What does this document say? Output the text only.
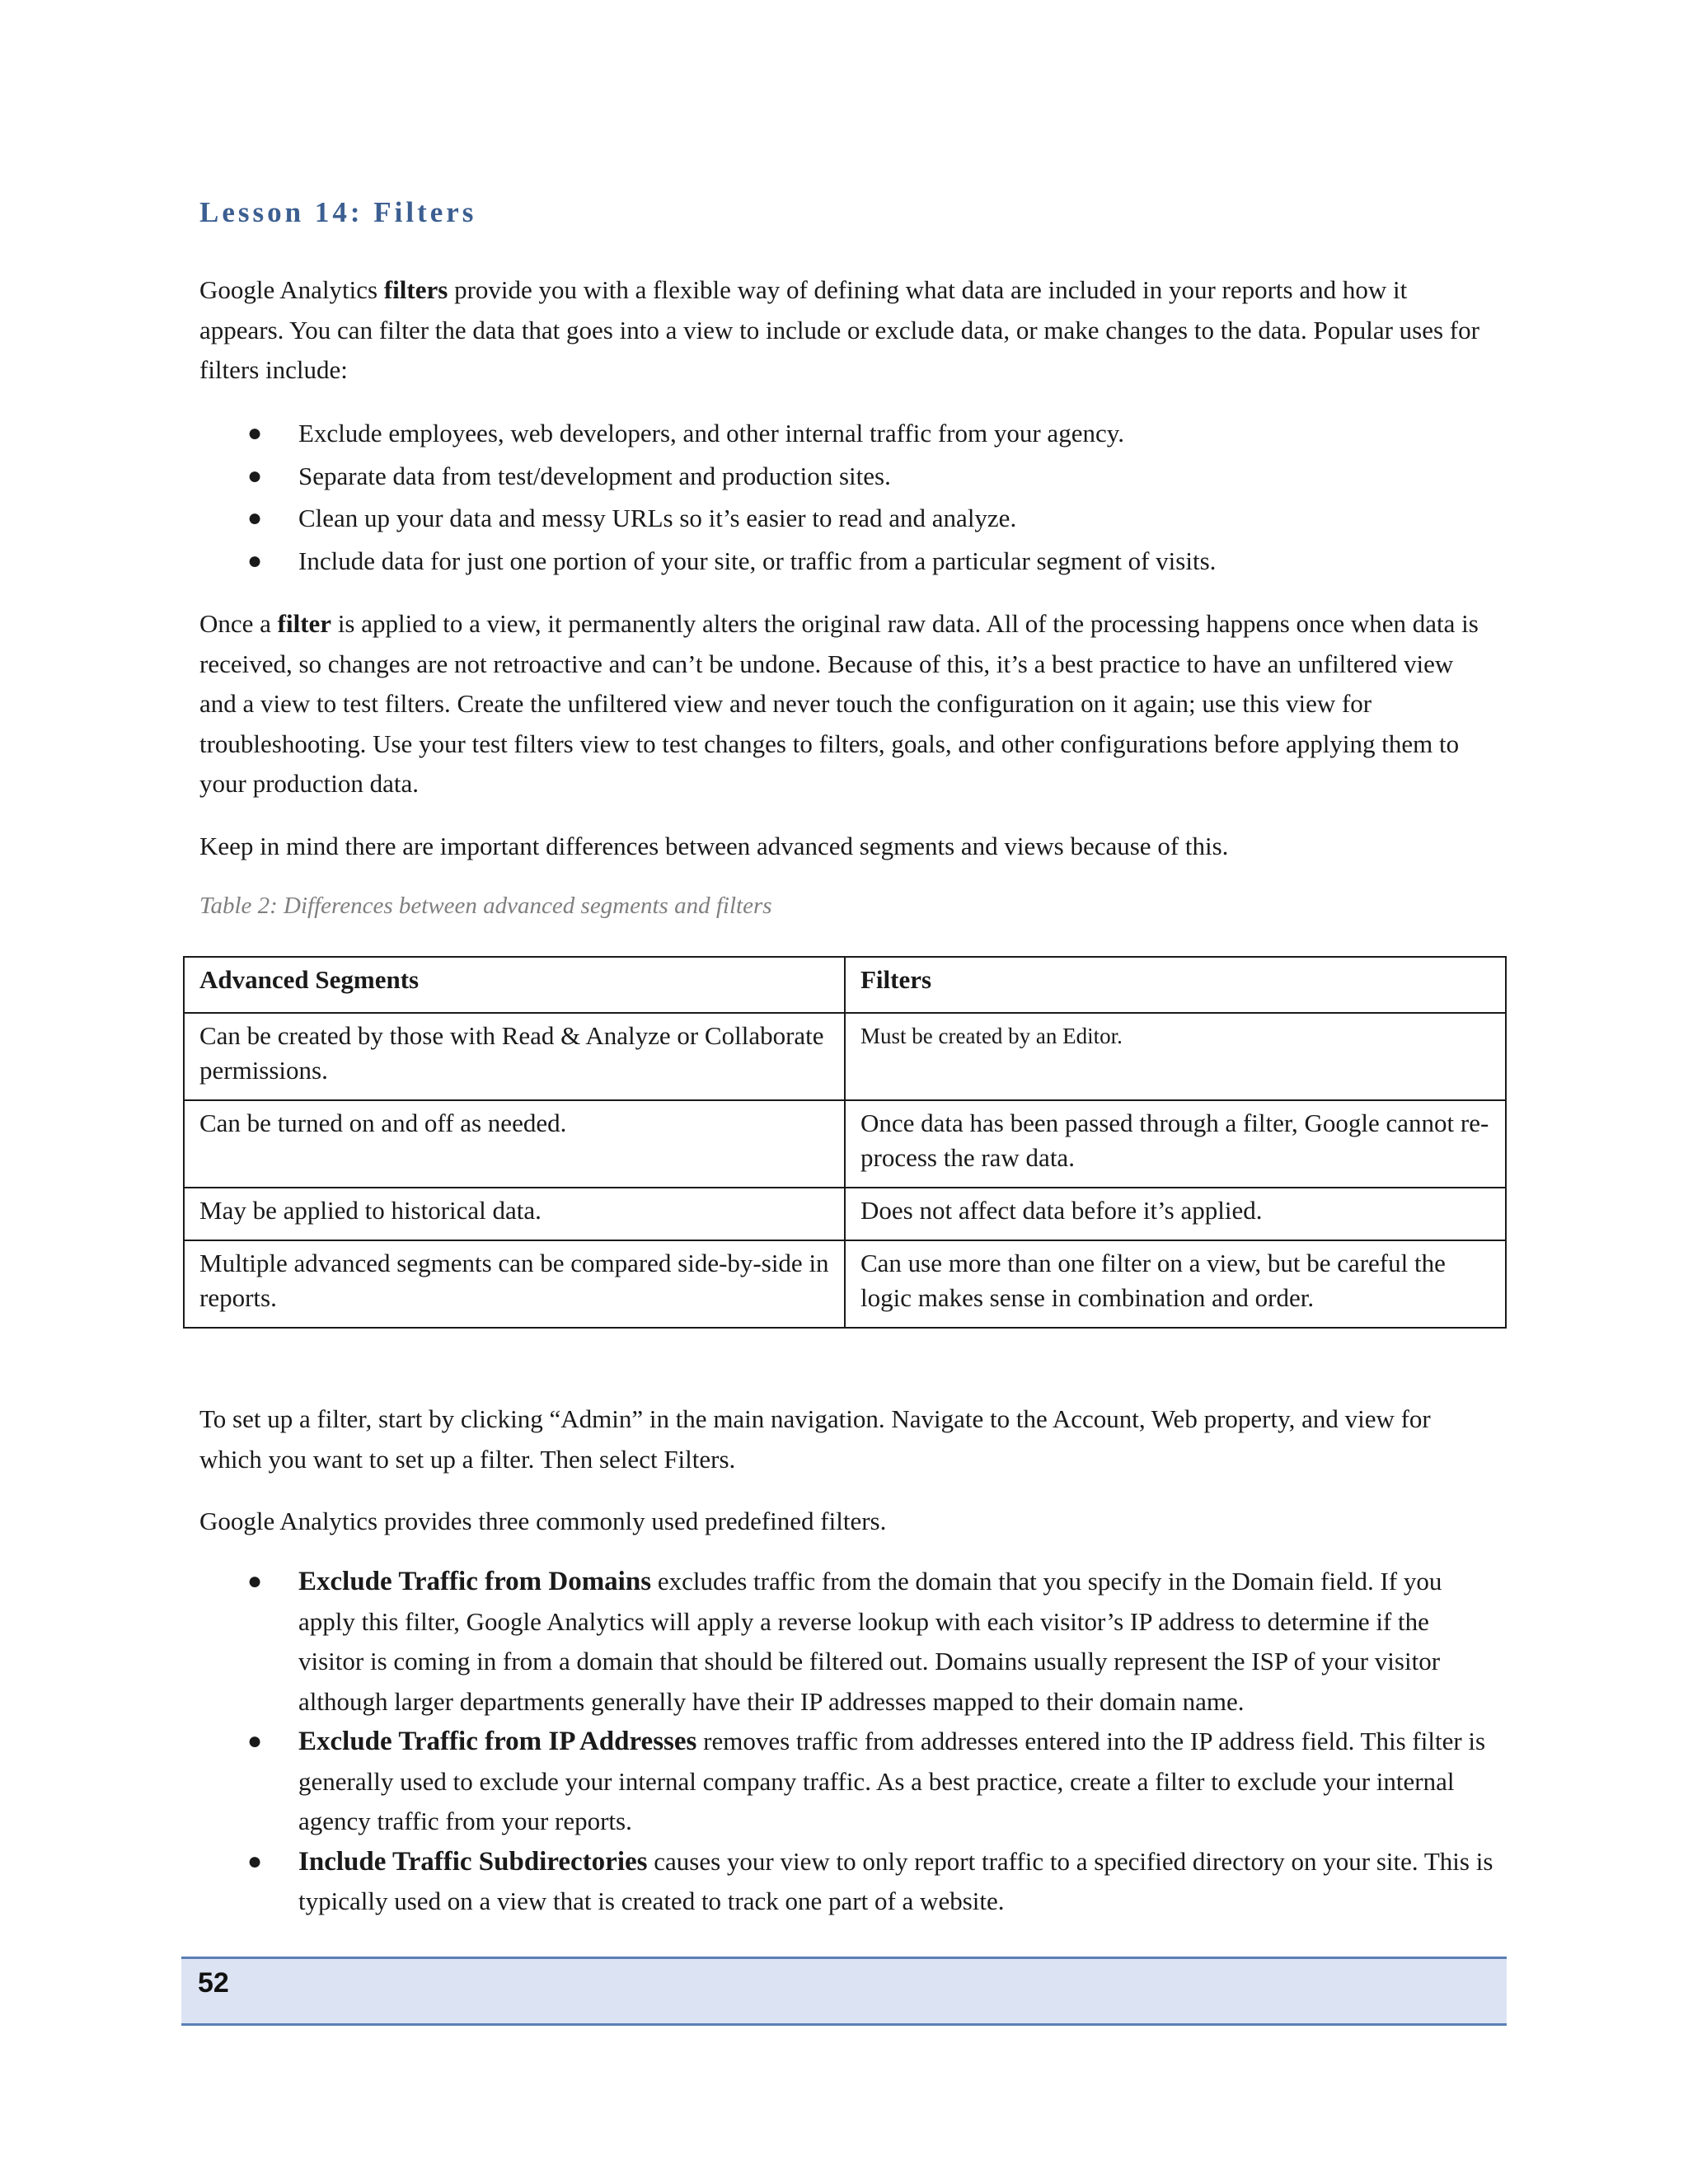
Lesson 14: Filters

Google Analytics filters provide you with a flexible way of defining what data are included in your reports and how it appears. You can filter the data that goes into a view to include or exclude data, or make changes to the data. Popular uses for filters include:

● Exclude employees, web developers, and other internal traffic from your agency.
● Separate data from test/development and production sites.
● Clean up your data and messy URLs so it’s easier to read and analyze.
● Include data for just one portion of your site, or traffic from a particular segment of visits.

Once a filter is applied to a view, it permanently alters the original raw data. All of the processing happens once when data is received, so changes are not retroactive and can’t be undone. Because of this, it’s a best practice to have an unfiltered view and a view to test filters. Create the unfiltered view and never touch the configuration on it again; use this view for troubleshooting. Use your test filters view to test changes to filters, goals, and other configurations before applying them to your production data.

Keep in mind there are important differences between advanced segments and views because of this.

Table 2: Differences between advanced segments and filters

Advanced Segments	Filters
Can be created by those with Read & Analyze or Collaborate permissions.	Must be created by an Editor.
Can be turned on and off as needed.	Once data has been passed through a filter, Google cannot re-process the raw data.
May be applied to historical data.	Does not affect data before it’s applied.
Multiple advanced segments can be compared side-by-side in reports.	Can use more than one filter on a view, but be careful the logic makes sense in combination and order.

To set up a filter, start by clicking “Admin” in the main navigation. Navigate to the Account, Web property, and view for which you want to set up a filter. Then select Filters.

Google Analytics provides three commonly used predefined filters.

● Exclude Traffic from Domains excludes traffic from the domain that you specify in the Domain field. If you apply this filter, Google Analytics will apply a reverse lookup with each visitor’s IP address to determine if the visitor is coming in from a domain that should be filtered out. Domains usually represent the ISP of your visitor although larger departments generally have their IP addresses mapped to their domain name.
● Exclude Traffic from IP Addresses removes traffic from addresses entered into the IP address field. This filter is generally used to exclude your internal company traffic. As a best practice, create a filter to exclude your internal agency traffic from your reports.
● Include Traffic Subdirectories causes your view to only report traffic to a specified directory on your site. This is typically used on a view that is created to track one part of a website.
52
